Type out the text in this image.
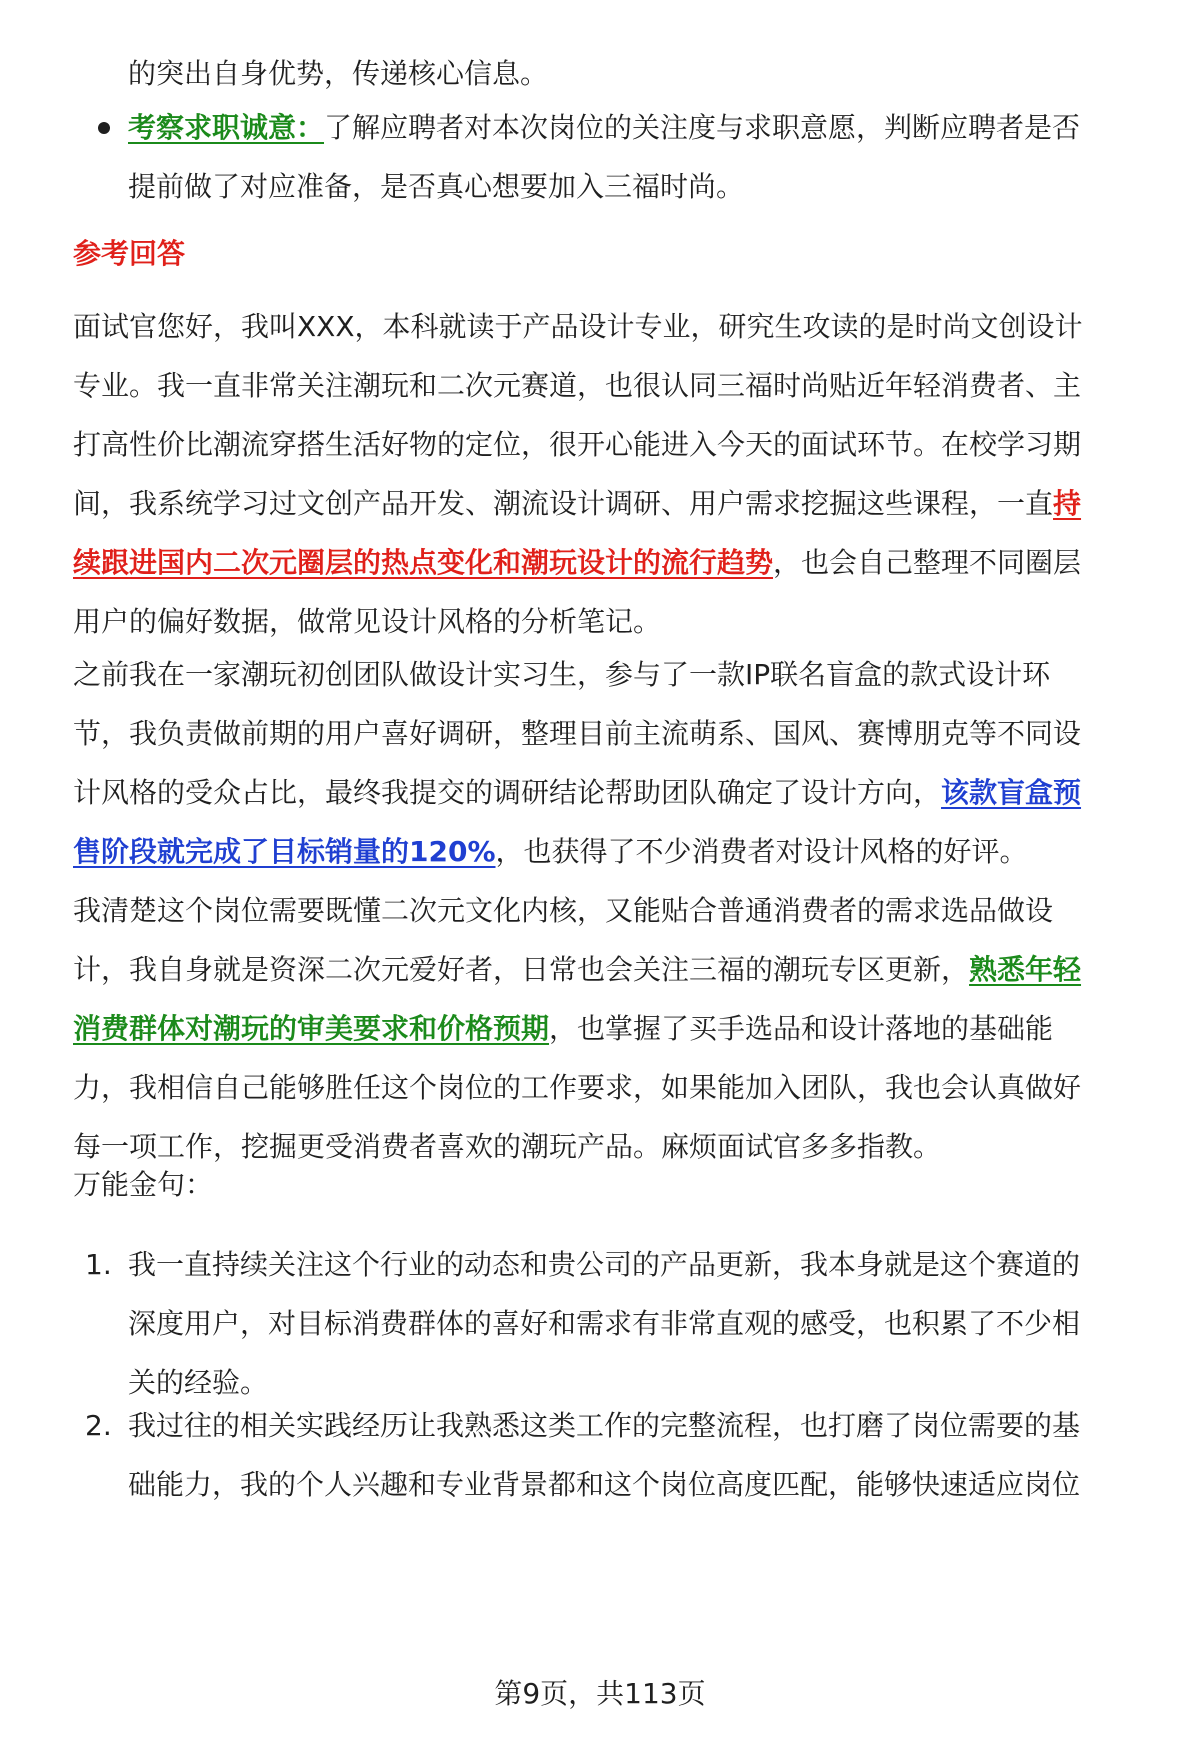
的突出自身优势，传递核心信息。
考察求职诚意：了解应聘者对本次岗位的关注度与求职意愿，判断应聘者是否
提前做了对应准备，是否真心想要加入三福时尚。
参考回答
面试官您好，我叫XXX，本科就读于产品设计专业，研究生攻读的是时尚文创设计
专业。我一直非常关注潮玩和二次元赛道，也很认同三福时尚贴近年轻消费者、主
打高性价比潮流穿搭生活好物的定位，很开心能进入今天的面试环节。在校学习期
间，我系统学习过文创产品开发、潮流设计调研、用户需求挖掘这些课程，一直持
续跟进国内二次元圈层的热点变化和潮玩设计的流行趋势，也会自己整理不同圈层
用户的偏好数据，做常见设计风格的分析笔记。
之前我在一家潮玩初创团队做设计实习生，参与了一款IP联名盲盒的款式设计环
节，我负责做前期的用户喜好调研，整理目前主流萌系、国风、赛博朋克等不同设
计风格的受众占比，最终我提交的调研结论帮助团队确定了设计方向，该款盲盒预
售阶段就完成了目标销量的120%，也获得了不少消费者对设计风格的好评。
我清楚这个岗位需要既懂二次元文化内核，又能贴合普通消费者的需求选品做设
计，我自身就是资深二次元爱好者，日常也会关注三福的潮玩专区更新，熟悉年轻
消费群体对潮玩的审美要求和价格预期，也掌握了买手选品和设计落地的基础能
力，我相信自己能够胜任这个岗位的工作要求，如果能加入团队，我也会认真做好
每一项工作，挖掘更受消费者喜欢的潮玩产品。麻烦面试官多多指教。
万能金句：
1. 我一直持续关注这个行业的动态和贵公司的产品更新，我本身就是这个赛道的
深度用户，对目标消费群体的喜好和需求有非常直观的感受，也积累了不少相
关的经验。
2. 我过往的相关实践经历让我熟悉这类工作的完整流程，也打磨了岗位需要的基
础能力，我的个人兴趣和专业背景都和这个岗位高度匹配，能够快速适应岗位
第9页，共113页
